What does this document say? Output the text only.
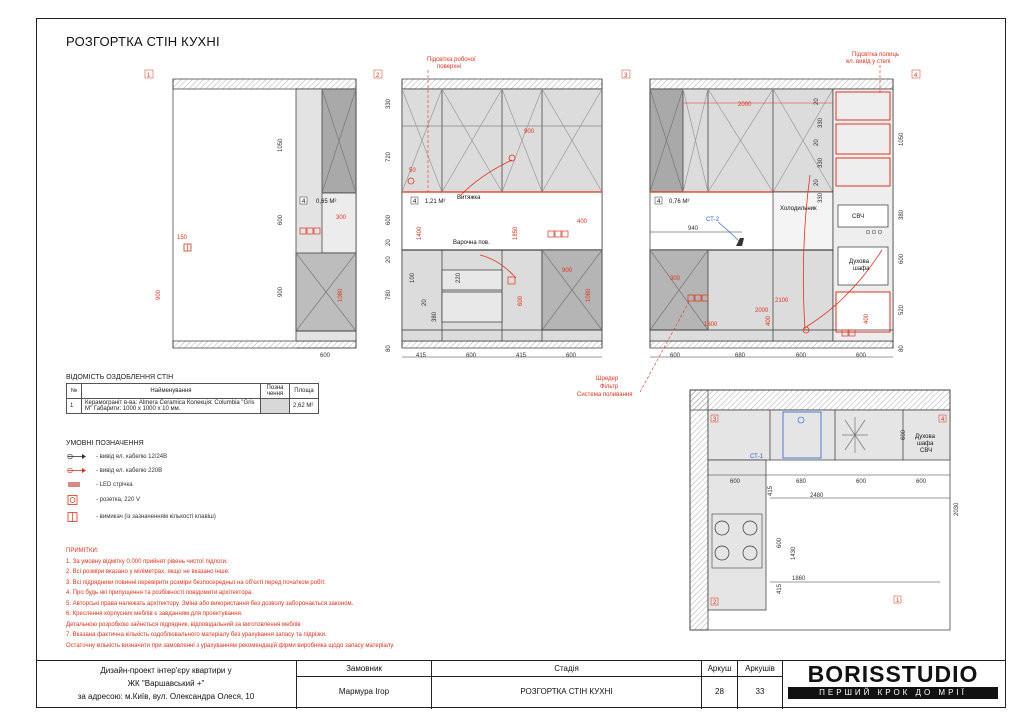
РОЗГОРТКА СТІН КУХНІ
1	2	3	4
150
900
300
1080
4 0,65 М²
1050
600
900
600
330
720
600
20
20
780
80
50
1400
4 1,21 М²
Витяжка
Варочна пов.
900
1850
400
600
900
1080
100
20
380
220
415	600	415	600
Підсвітка робочої
поверхні
2000
4 0,76 М²
Холодильник
СТ-2
940
300
2100
2000
1600	400
СВЧ
Духова
шафа
20
330
20
330
20
330
400
1050
380
600
520
80
600	680	600	600
Підсвітка полиць
ел. вивід у стелі
Шредер
Фільтр
Система поливання
3	4
2	1
СТ-1
Духова
шафа
СВЧ
600
600	680	600	600
415	2480
600
1430
415
1860
2030
ВІДОМІСТЬ ОЗДОБЛЕННЯ СТІН
№	Найменування	Позна чення	Площа
1	Керамограніт в-ва: Almera Ceramica Колекція: Columbia "Gris M" Габарити: 1000 х 1000 х 10 мм.		2,62 М²
УМОВНІ ПОЗНАЧЕННЯ
- вивід ел. кабелю 12/24В
- вивід ел. кабелю 220В
- LED стрічка
- розетка, 220 V
- вимикач (із зазначенням кількості клавіш)
ПРИМІТКИ:
1. За умовну відмітку 0.000 прийнят рівень чистої підлоги.
2. Всі розміри вказано у міліметрах, якщо не вказано інше.
3. Всі підрядники повинні перевірити розміри безпосередньо на об'єкті перед початком робіт.
4. Про будь які припущення та розбіжності повідомити архітектора.
5. Авторські права належать архітектору. Зміна або використання без дозволу заборонається законом.
6. Креслення корпусних меблів є завданням для проектування.
Детальною розробкою зайнється підрядник, відповідальний за виготовлення меблів
7. Вказана фактична кількість оздоблювального матеріалу без урахування запасу та підрізки.
Остаточну кількість визначити при замовленні з урахуванням рекомендацій фірми виробника щодо запасу матеріалу.
Дизайн-проект інтер'єру квартири у
ЖК "Варшавський +"
за адресою: м.Київ, вул. Олександра Олеся, 10
Замовник
Мармура Ігор
Стадія
РОЗГОРТКА СТІН КУХНІ
Аркуш
28
Аркушів
33
BORISSTUDIO
ПЕРШИЙ КРОК ДО МРІЇ
